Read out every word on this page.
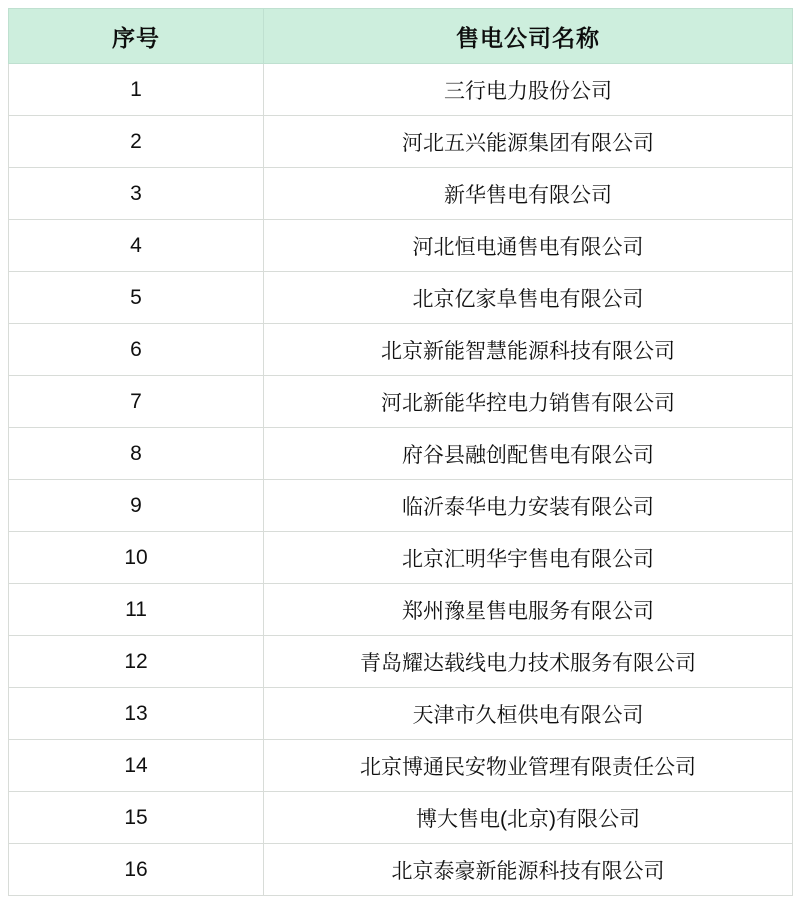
序号	售电公司名称
1	三行电力股份公司
2	河北五兴能源集团有限公司
3	新华售电有限公司
4	河北恒电通售电有限公司
5	北京亿家阜售电有限公司
6	北京新能智慧能源科技有限公司
7	河北新能华控电力销售有限公司
8	府谷县融创配售电有限公司
9	临沂泰华电力安装有限公司
10	北京汇明华宇售电有限公司
11	郑州豫星售电服务有限公司
12	青岛耀达载线电力技术服务有限公司
13	天津市久桓供电有限公司
14	北京博通民安物业管理有限责任公司
15	博大售电(北京)有限公司
16	北京泰豪新能源科技有限公司
